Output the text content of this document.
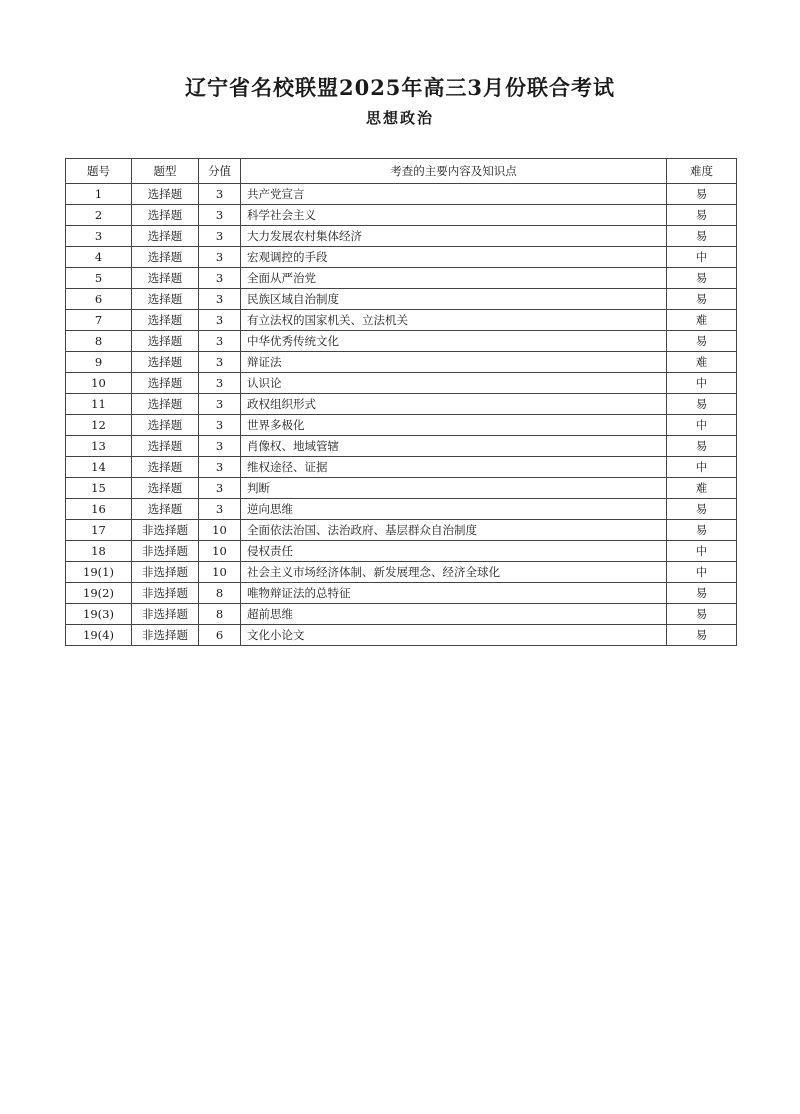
辽宁省名校联盟2025年高三3月份联合考试
思想政治
题号	题型	分值	考查的主要内容及知识点	难度
1	选择题	3	共产党宣言	易
2	选择题	3	科学社会主义	易
3	选择题	3	大力发展农村集体经济	易
4	选择题	3	宏观调控的手段	中
5	选择题	3	全面从严治党	易
6	选择题	3	民族区域自治制度	易
7	选择题	3	有立法权的国家机关、立法机关	难
8	选择题	3	中华优秀传统文化	易
9	选择题	3	辩证法	难
10	选择题	3	认识论	中
11	选择题	3	政权组织形式	易
12	选择题	3	世界多极化	中
13	选择题	3	肖像权、地域管辖	易
14	选择题	3	维权途径、证据	中
15	选择题	3	判断	难
16	选择题	3	逆向思维	易
17	非选择题	10	全面依法治国、法治政府、基层群众自治制度	易
18	非选择题	10	侵权责任	中
19(1)	非选择题	10	社会主义市场经济体制、新发展理念、经济全球化	中
19(2)	非选择题	8	唯物辩证法的总特征	易
19(3)	非选择题	8	超前思维	易
19(4)	非选择题	6	文化小论文	易
